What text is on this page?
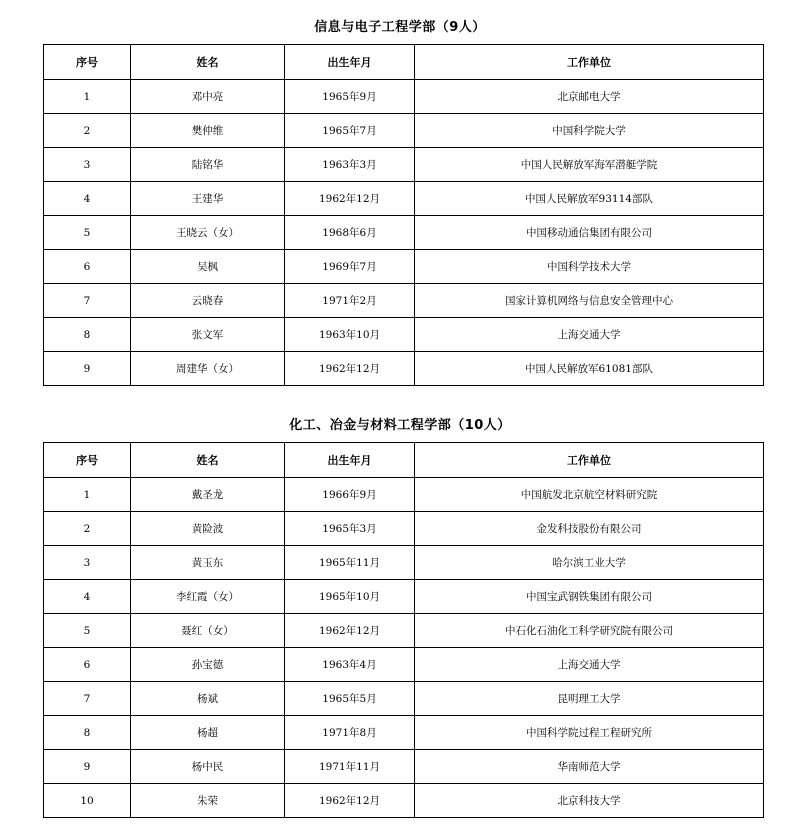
信息与电子工程学部（9人）
序号	姓名	出生年月	工作单位
1	邓中亮	1965年9月	北京邮电大学
2	樊仲维	1965年7月	中国科学院大学
3	陆铭华	1963年3月	中国人民解放军海军潜艇学院
4	王建华	1962年12月	中国人民解放军93114部队
5	王晓云（女）	1968年6月	中国移动通信集团有限公司
6	吴枫	1969年7月	中国科学技术大学
7	云晓春	1971年2月	国家计算机网络与信息安全管理中心
8	张文军	1963年10月	上海交通大学
9	周建华（女）	1962年12月	中国人民解放军61081部队
化工、冶金与材料工程学部（10人）
序号	姓名	出生年月	工作单位
1	戴圣龙	1966年9月	中国航发北京航空材料研究院
2	黄险波	1965年3月	金发科技股份有限公司
3	黄玉东	1965年11月	哈尔滨工业大学
4	李红霞（女）	1965年10月	中国宝武钢铁集团有限公司
5	聂红（女）	1962年12月	中石化石油化工科学研究院有限公司
6	孙宝德	1963年4月	上海交通大学
7	杨斌	1965年5月	昆明理工大学
8	杨超	1971年8月	中国科学院过程工程研究所
9	杨中民	1971年11月	华南师范大学
10	朱荣	1962年12月	北京科技大学
